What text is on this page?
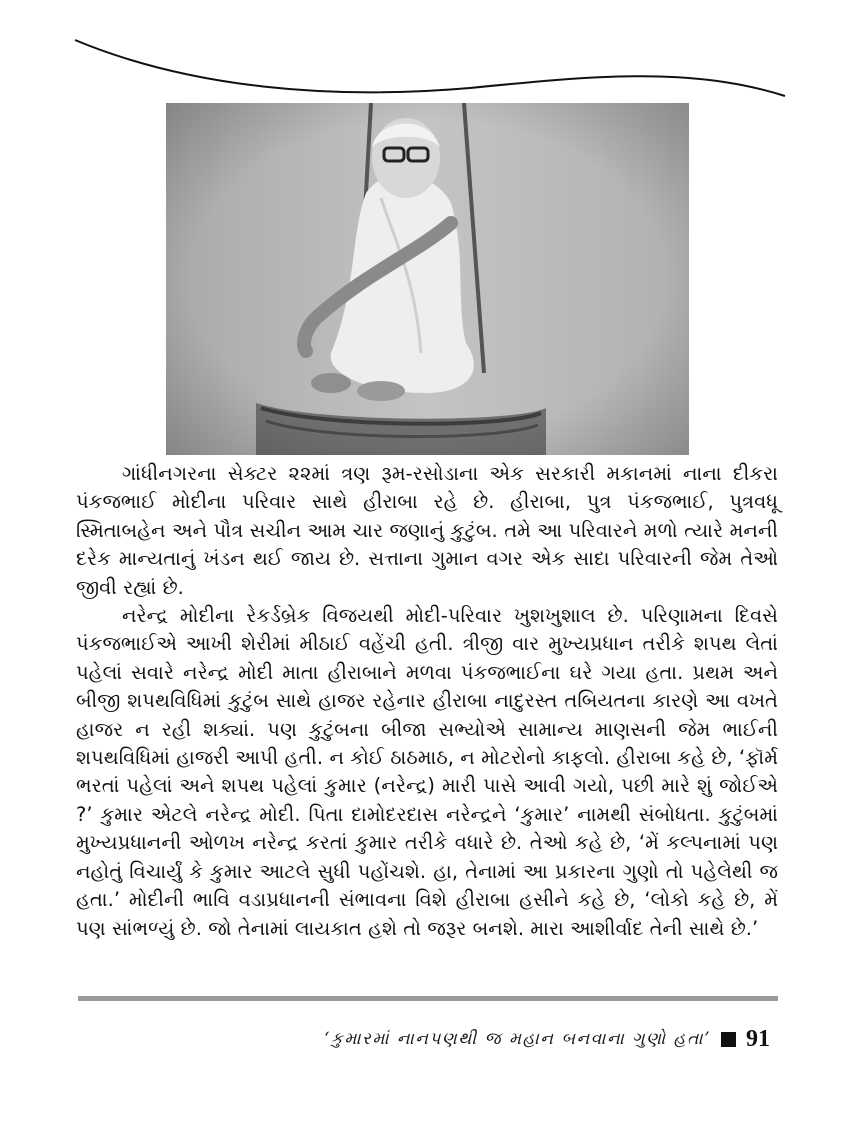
ગાંધીનગરના સેક્ટર ૨૨માં ત્રણ રૂમ-રસોડાના એક સરકારી મકાનમાં નાના દીકરા પંકજભાઈ મોદીના પરિવાર સાથે હીરાબા રહે છે. હીરાબા, પુત્ર પંકજભાઈ, પુત્રવધૂ સ્મિતાબહેન અને પૌત્ર સચીન આમ ચાર જણાનું કુટુંબ. તમે આ પરિવારને મળો ત્યારે મનની દરેક માન્યતાનું ખંડન થઈ જાય છે. સત્તાના ગુમાન વગર એક સાદા પરિવારની જેમ તેઓ જીવી રહ્યાં છે.

નરેન્દ્ર મોદીના રેકર્ડબ્રેક વિજયથી મોદી-પરિવાર ખુશખુશાલ છે. પરિણામના દિવસે પંકજભાઈએ આખી શેરીમાં મીઠાઈ વહેંચી હતી. ત્રીજી વાર મુખ્યપ્રધાન તરીકે શપથ લેતાં પહેલાં સવારે નરેન્દ્ર મોદી માતા હીરાબાને મળવા પંકજભાઈના ઘરે ગયા હતા. પ્રથમ અને બીજી શપથવિધિમાં કુટુંબ સાથે હાજર રહેનાર હીરાબા નાદુરસ્ત તબિયતના કારણે આ વખતે હાજર ન રહી શક્યાં. પણ કુટુંબના બીજા સભ્યોએ સામાન્ય માણસની જેમ ભાઈની શપથવિધિમાં હાજરી આપી હતી. ન કોઈ ઠાઠમાઠ, ન મોટરોનો કાફલો. હીરાબા કહે છે, ‘ફૉર્મ ભરતાં પહેલાં અને શપથ પહેલાં કુમાર (નરેન્દ્ર) મારી પાસે આવી ગયો, પછી મારે શું જોઈએ ?’ કુમાર એટલે નરેન્દ્ર મોદી. પિતા દામોદરદાસ નરેન્દ્રને ‘કુમાર’ નામથી સંબોધતા. કુટુંબમાં મુખ્યપ્રધાનની ઓળખ નરેન્દ્ર કરતાં કુમાર તરીકે વધારે છે. તેઓ કહે છે, ‘મેં કલ્પનામાં પણ નહોતું વિચાર્યું કે કુમાર આટલે સુધી પહોંચશે. હા, તેનામાં આ પ્રકારના ગુણો તો પહેલેથી જ હતા.’ મોદીની ભાવિ વડાપ્રધાનની સંભાવના વિશે હીરાબા હસીને કહે છે, ‘લોકો કહે છે, મેં પણ સાંભળ્યું છે. જો તેનામાં લાયકાત હશે તો જરૂર બનશે. મારા આશીર્વાદ તેની સાથે છે.’

‘કુમારમાં નાનપણથી જ મહાન બનવાના ગુણો હતા’ 91
